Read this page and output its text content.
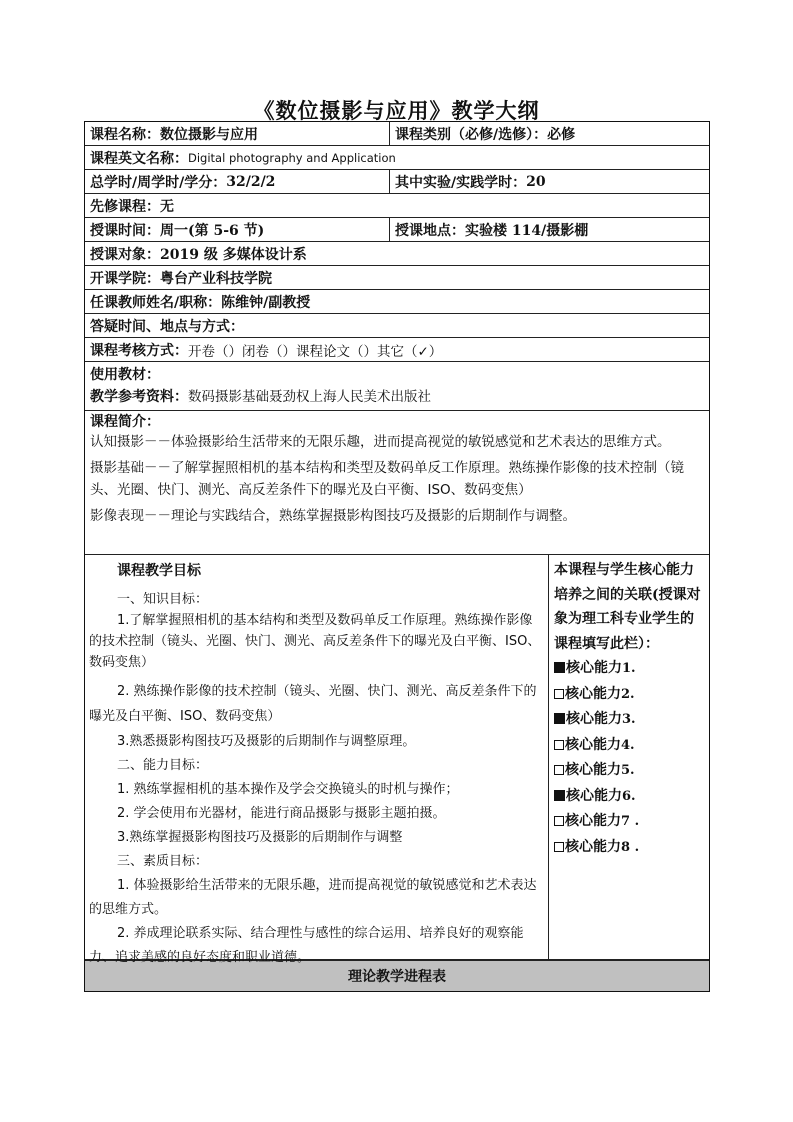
《数位摄影与应用》教学大纲
课程名称： 数位摄影与应用	课程类别（必修/选修）： 必修
课程英文名称： Digital photography and Application
总学时/周学时/学分： 32/2/2	其中实验/实践学时： 20
先修课程： 无
授课时间： 周一(第 5-6 节)	授课地点： 实验楼 114/摄影棚
授课对象： 2019 级 多媒体设计系
开课学院： 粤台产业科技学院
任课教师姓名/职称： 陈维钟/副教授
答疑时间、地点与方式：
课程考核方式： 开卷（）闭卷（）课程论文（）其它（✓）
使用教材：
教学参考资料：数码摄影基础聂劲权上海人民美术出版社
课程简介：

认知摄影－－体验摄影给生活带来的无限乐趣，进而提高视觉的敏锐感觉和艺术表达的思维方式。

摄影基础－－了解掌握照相机的基本结构和类型及数码单反工作原理。熟练操作影像的技术控制（镜头、光圈、快门、测光、高反差条件下的曝光及白平衡、ISO、数码变焦）

影像表现－－理论与实践结合，熟练掌握摄影构图技巧及摄影的后期制作与调整。

课程教学目标
一、知识目标：
1.了解掌握照相机的基本结构和类型及数码单反工作原理。熟练操作影像的技术控制（镜头、光圈、快门、测光、高反差条件下的曝光及白平衡、ISO、数码变焦）
2. 熟练操作影像的技术控制（镜头、光圈、快门、测光、高反差条件下的曝光及白平衡、ISO、数码变焦）
3.熟悉摄影构图技巧及摄影的后期制作与调整原理。
二、能力目标：
1. 熟练掌握相机的基本操作及学会交换镜头的时机与操作；
2. 学会使用布光器材，能进行商品摄影与摄影主题拍摄。
3.熟练掌握摄影构图技巧及摄影的后期制作与调整
三、素质目标：
1. 体验摄影给生活带来的无限乐趣，进而提高视觉的敏锐感觉和艺术表达的思维方式。
2. 养成理论联系实际、结合理性与感性的综合运用、培养良好的观察能力、追求美感的良好态度和职业道德。
本课程与学生核心能力培养之间的关联(授课对象为理工科专业学生的课程填写此栏）：
核心能力1.
核心能力2.
核心能力3.
核心能力4.
核心能力5.
核心能力6.
核心能力7 .
核心能力8 .
理论教学进程表
